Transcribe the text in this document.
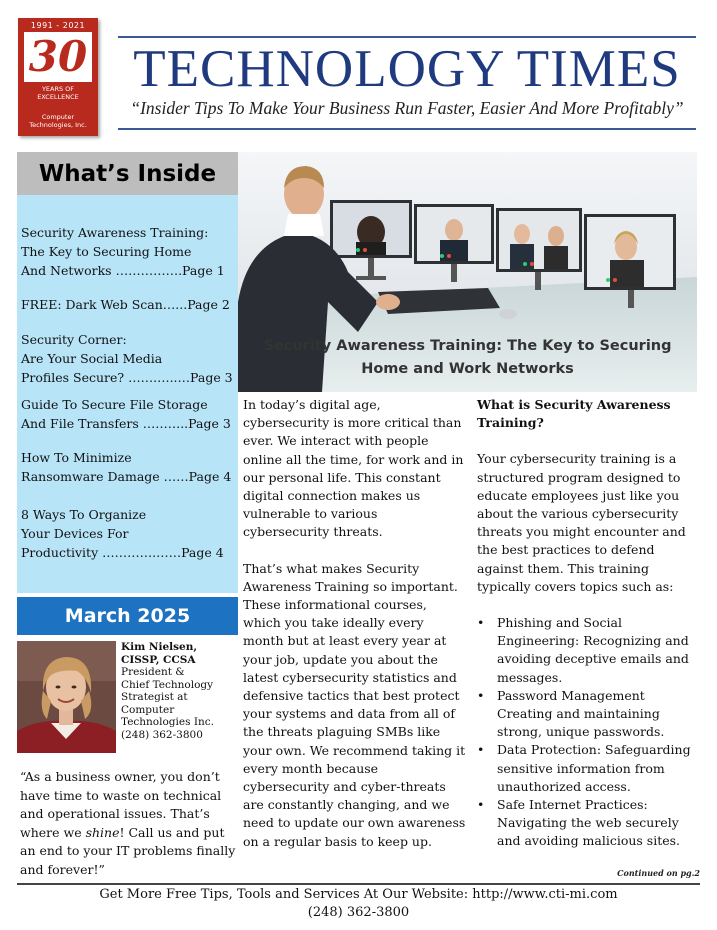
1991 - 2021
30
YEARS OF
EXCELLENCE
Computer
Technologies, Inc.
TECHNOLOGY TIMES
“Insider Tips To Make Your Business Run Faster, Easier And More Profitably”
What’s Inside
Security Awareness Training:
The Key to Securing Home
And Networks …………….Page 1
FREE: Dark Web Scan…...Page 2
Security Corner:
Are Your Social Media
Profiles Secure? …….…..…Page 3
Guide To Secure File Storage
And File Transfers ………..Page 3
How To Minimize
Ransomware Damage ……Page 4
8 Ways To Organize
Your Devices For
Productivity ………….……Page 4
March 2025
Kim Nielsen,
CISSP, CCSA
President &
Chief Technology
Strategist at
Computer
Technologies Inc.
(248) 362-3800
“As a business owner, you don’t have time to waste on technical and operational issues. That’s where we shine! Call us and put an end to your IT problems finally and forever!”
Security Awareness Training: The Key to Securing Home and Work Networks

In today’s digital age, cybersecurity is more critical than ever. We interact with people online all the time, for work and in our personal life. This constant digital connection makes us vulnerable to various cybersecurity threats.

That’s what makes Security Awareness Training so important. These informational courses, which you take ideally every month but at least every year at your job, update you about the latest cybersecurity statistics and defensive tactics that best protect your systems and data from all of the threats plaguing SMBs like your own. We recommend taking it every month because cybersecurity and cyber-threats are constantly changing, and we need to update our own awareness on a regular basis to keep up.

What is Security Awareness Training?

Your cybersecurity training is a structured program designed to educate employees just like you about the various cybersecurity threats you might encounter and the best practices to defend against them. This training typically covers topics such as:

• Phishing and Social Engineering: Recognizing and avoiding deceptive emails and messages.
• Password Management Creating and maintaining strong, unique passwords.
• Data Protection: Safeguarding sensitive information from unauthorized access.
• Safe Internet Practices: Navigating the web securely and avoiding malicious sites.
Continued on pg.2
Get More Free Tips, Tools and Services At Our Website: http://www.cti-mi.com
(248) 362-3800
